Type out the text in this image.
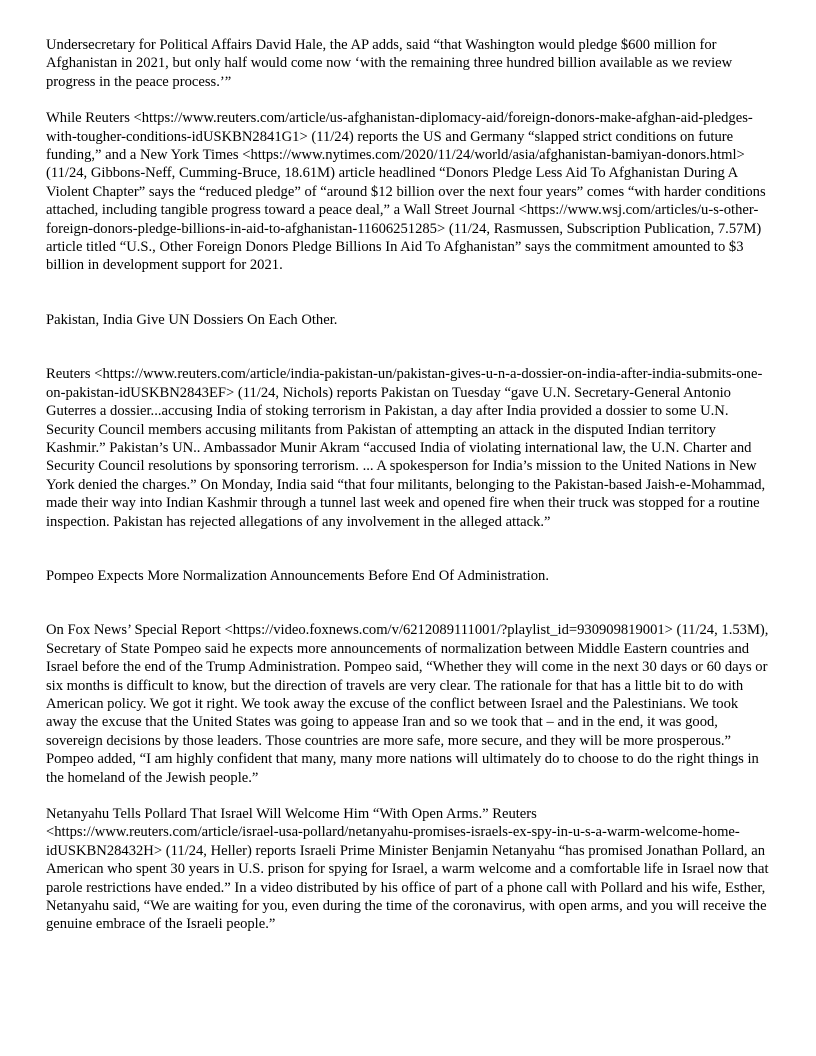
Undersecretary for Political Affairs David Hale, the AP adds, said “that Washington would pledge $600 million for Afghanistan in 2021, but only half would come now ‘with the remaining three hundred billion available as we review progress in the peace process.’”

While Reuters <https://www.reuters.com/article/us-afghanistan-diplomacy-aid/foreign-donors-make-afghan-aid-pledges-with-tougher-conditions-idUSKBN2841G1> (11/24) reports the US and Germany “slapped strict conditions on future funding,” and a New York Times <https://www.nytimes.com/2020/11/24/world/asia/afghanistan-bamiyan-donors.html> (11/24, Gibbons-Neff, Cumming-Bruce, 18.61M) article headlined “Donors Pledge Less Aid To Afghanistan During A Violent Chapter” says the “reduced pledge” of “around $12 billion over the next four years” comes “with harder conditions attached, including tangible progress toward a peace deal,” a Wall Street Journal <https://www.wsj.com/articles/u-s-other-foreign-donors-pledge-billions-in-aid-to-afghanistan-11606251285> (11/24, Rasmussen, Subscription Publication, 7.57M) article titled “U.S., Other Foreign Donors Pledge Billions In Aid To Afghanistan” says the commitment amounted to $3 billion in development support for 2021.

Pakistan, India Give UN Dossiers On Each Other.

Reuters <https://www.reuters.com/article/india-pakistan-un/pakistan-gives-u-n-a-dossier-on-india-after-india-submits-one-on-pakistan-idUSKBN2843EF> (11/24, Nichols) reports Pakistan on Tuesday “gave U.N. Secretary-General Antonio Guterres a dossier...accusing India of stoking terrorism in Pakistan, a day after India provided a dossier to some U.N. Security Council members accusing militants from Pakistan of attempting an attack in the disputed Indian territory Kashmir.” Pakistan’s UN.. Ambassador Munir Akram “accused India of violating international law, the U.N. Charter and Security Council resolutions by sponsoring terrorism. ... A spokesperson for India’s mission to the United Nations in New York denied the charges.” On Monday, India said “that four militants, belonging to the Pakistan-based Jaish-e-Mohammad, made their way into Indian Kashmir through a tunnel last week and opened fire when their truck was stopped for a routine inspection. Pakistan has rejected allegations of any involvement in the alleged attack.”

Pompeo Expects More Normalization Announcements Before End Of Administration.

On Fox News’ Special Report <https://video.foxnews.com/v/6212089111001/?playlist_id=930909819001> (11/24, 1.53M), Secretary of State Pompeo said he expects more announcements of normalization between Middle Eastern countries and Israel before the end of the Trump Administration. Pompeo said, “Whether they will come in the next 30 days or 60 days or six months is difficult to know, but the direction of travels are very clear. The rationale for that has a little bit to do with American policy. We got it right. We took away the excuse of the conflict between Israel and the Palestinians. We took away the excuse that the United States was going to appease Iran and so we took that – and in the end, it was good, sovereign decisions by those leaders. Those countries are more safe, more secure, and they will be more prosperous.” Pompeo added, “I am highly confident that many, many more nations will ultimately do to choose to do the right things in the homeland of the Jewish people.”

Netanyahu Tells Pollard That Israel Will Welcome Him “With Open Arms.” Reuters <https://www.reuters.com/article/israel-usa-pollard/netanyahu-promises-israels-ex-spy-in-u-s-a-warm-welcome-home-idUSKBN28432H> (11/24, Heller) reports Israeli Prime Minister Benjamin Netanyahu “has promised Jonathan Pollard, an American who spent 30 years in U.S. prison for spying for Israel, a warm welcome and a comfortable life in Israel now that parole restrictions have ended.” In a video distributed by his office of part of a phone call with Pollard and his wife, Esther, Netanyahu said, “We are waiting for you, even during the time of the coronavirus, with open arms, and you will receive the genuine embrace of the Israeli people.”
